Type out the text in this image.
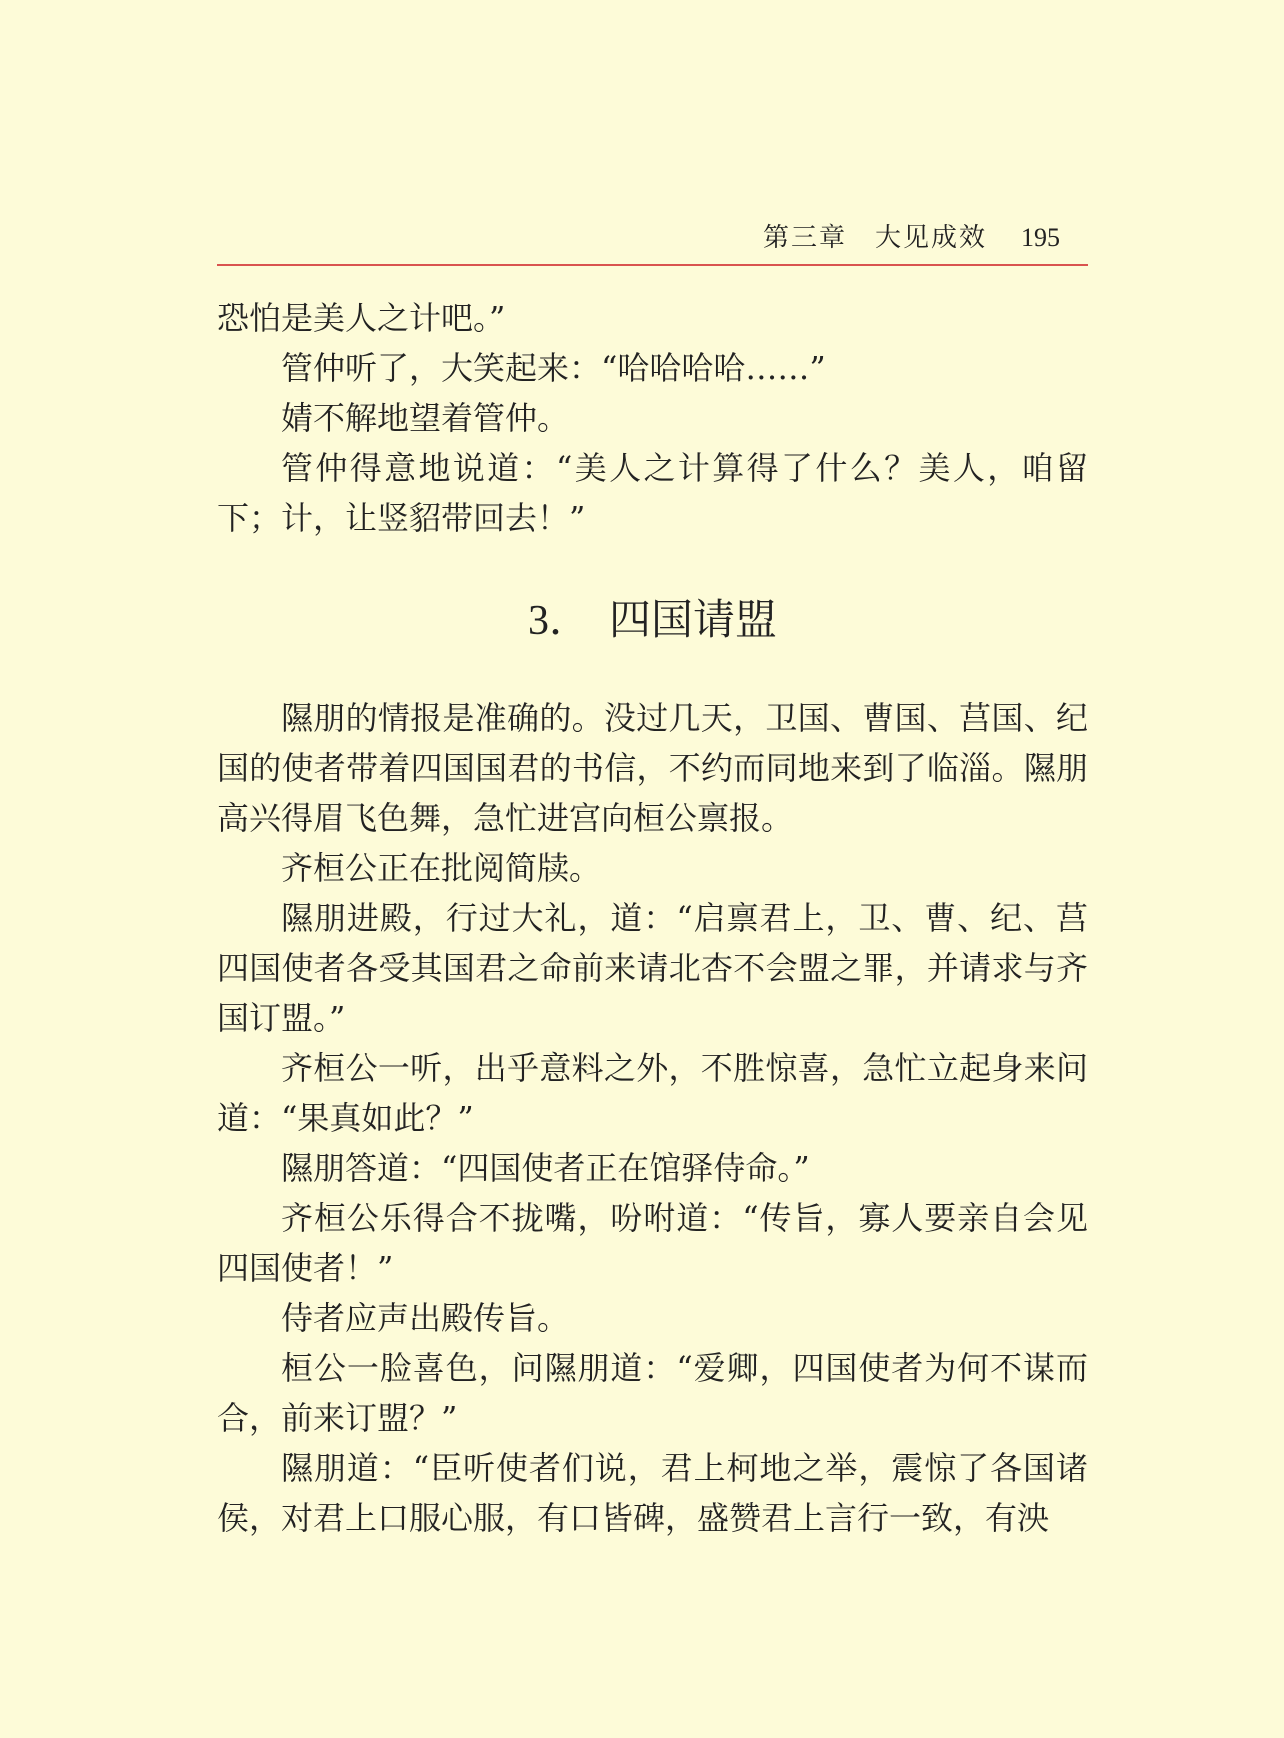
第三章 大见成效 195

恐怕是美人之计吧。”

管仲听了，大笑起来：“哈哈哈哈……”

婧不解地望着管仲。

管仲得意地说道：“美人之计算得了什么？美人，咱留下；计，让竖貂带回去！”

3． 四国请盟

隰朋的情报是准确的。没过几天，卫国、曹国、莒国、纪国的使者带着四国国君的书信，不约而同地来到了临淄。隰朋高兴得眉飞色舞，急忙进宫向桓公禀报。

齐桓公正在批阅简牍。

隰朋进殿，行过大礼，道：“启禀君上，卫、曹、纪、莒四国使者各受其国君之命前来请北杏不会盟之罪，并请求与齐国订盟。”

齐桓公一听，出乎意料之外，不胜惊喜，急忙立起身来问道：“果真如此？”

隰朋答道：“四国使者正在馆驿侍命。”

齐桓公乐得合不拢嘴，吩咐道：“传旨，寡人要亲自会见四国使者！”

侍者应声出殿传旨。

桓公一脸喜色，问隰朋道：“爱卿，四国使者为何不谋而合，前来订盟？”

隰朋道：“臣听使者们说，君上柯地之举，震惊了各国诸侯，对君上口服心服，有口皆碑，盛赞君上言行一致，有泱
